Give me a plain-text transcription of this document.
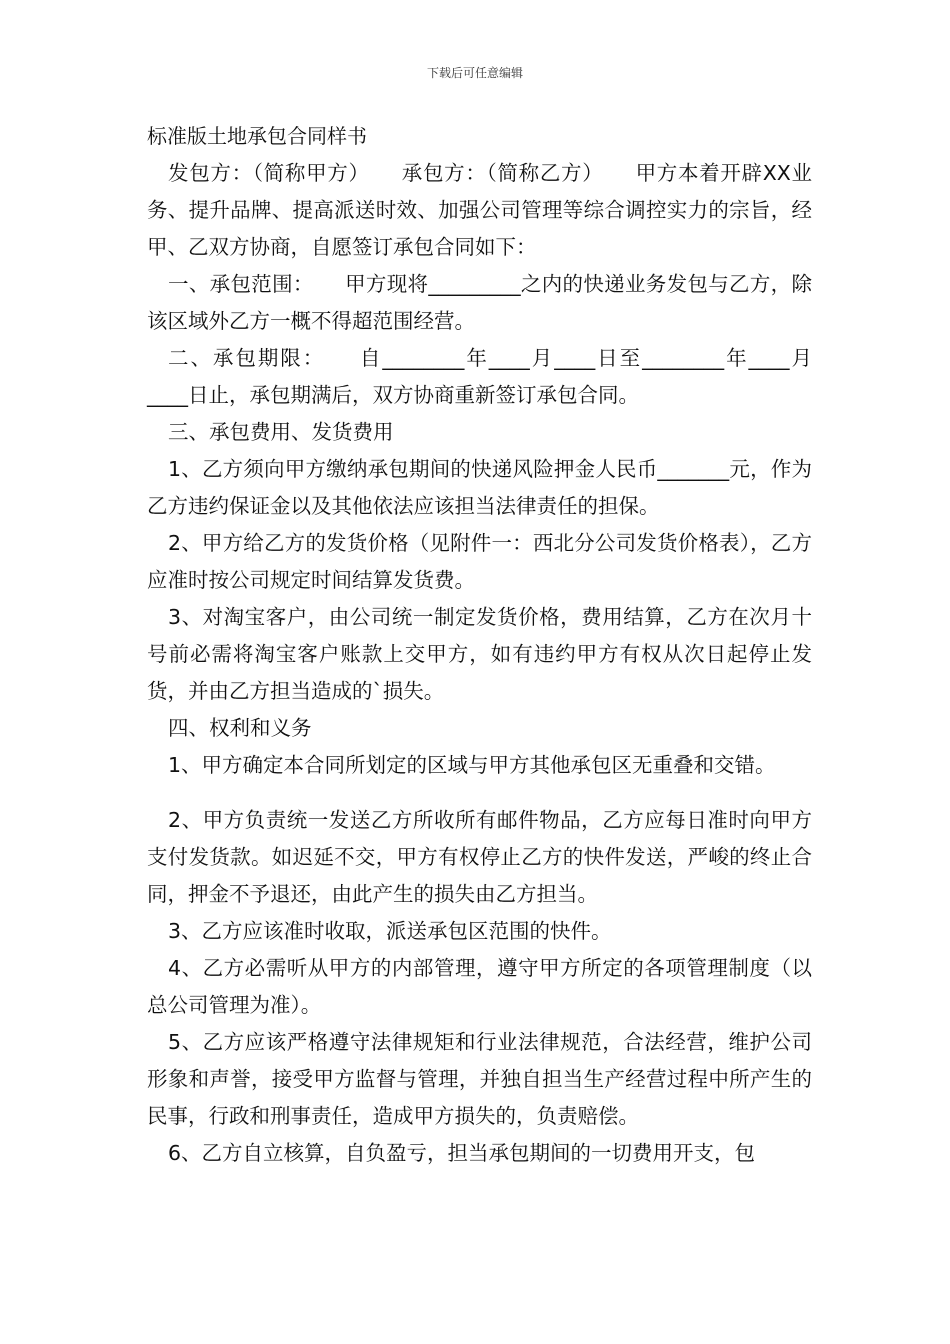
下载后可任意编辑
标准版土地承包合同样书

发包方：（简称甲方）　　承包方：（简称乙方）　　甲方本着开辟XX业务、提升品牌、提高派送时效、加强公司管理等综合调控实力的宗旨，经甲、乙双方协商，自愿签订承包合同如下：

一、承包范围：　　甲方现将_________之内的快递业务发包与乙方，除该区域外乙方一概不得超范围经营。

二、承包期限：　　自________年____月____日至________年____月____日止，承包期满后，双方协商重新签订承包合同。

三、承包费用、发货费用

1、乙方须向甲方缴纳承包期间的快递风险押金人民币_______元，作为乙方违约保证金以及其他依法应该担当法律责任的担保。

2、甲方给乙方的发货价格（见附件一：西北分公司发货价格表），乙方应准时按公司规定时间结算发货费。

3、对淘宝客户，由公司统一制定发货价格，费用结算，乙方在次月十号前必需将淘宝客户账款上交甲方，如有违约甲方有权从次日起停止发货，并由乙方担当造成的`损失。

四、权利和义务

1、甲方确定本合同所划定的区域与甲方其他承包区无重叠和交错。

2、甲方负责统一发送乙方所收所有邮件物品，乙方应每日准时向甲方支付发货款。如迟延不交，甲方有权停止乙方的快件发送，严峻的终止合同，押金不予退还，由此产生的损失由乙方担当。

3、乙方应该准时收取，派送承包区范围的快件。

4、乙方必需听从甲方的内部管理，遵守甲方所定的各项管理制度（以总公司管理为准）。

5、乙方应该严格遵守法律规矩和行业法律规范，合法经营，维护公司形象和声誉，接受甲方监督与管理，并独自担当生产经营过程中所产生的民事，行政和刑事责任，造成甲方损失的，负责赔偿。

6、乙方自立核算，自负盈亏，担当承包期间的一切费用开支，包
